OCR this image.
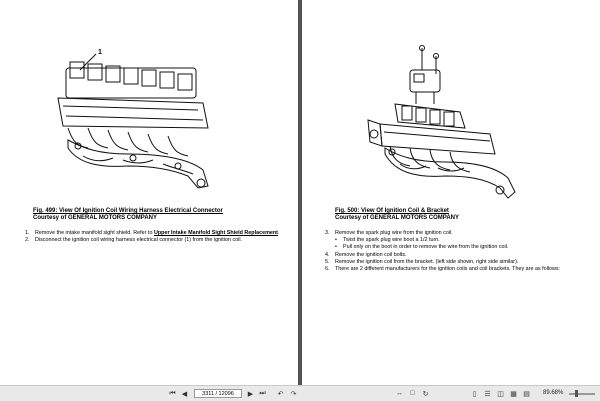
1
Fig. 499: View Of Ignition Coil Wiring Harness Electrical Connector
Courtesy of GENERAL MOTORS COMPANY
1. Remove the intake manifold sight shield. Refer to Upper Intake Manifold Sight Shield Replacement.
2. Disconnect the ignition coil wiring harness electrical connector (1) from the ignition coil.
Fig. 500: View Of Ignition Coil & Bracket
Courtesy of GENERAL MOTORS COMPANY
3. Remove the spark plug wire from the ignition coil.
• Twist the spark plug wire boot a 1/2 turn.
• Pull only on the boot in order to remove the wire from the ignition coil.
4. Remove the ignition coil bolts.
5. Remove the ignition coil from the bracket. (left side shown, right side similar).
6. There are 2 different manufacturers for the ignition coils and coil brackets. They are as follows:
⏮ ◀
3311 / 12096	▶ ⏭ ↶ ↷	↔	□	↻	▯	☰ ◫ ▦ ▤ 89.68%
